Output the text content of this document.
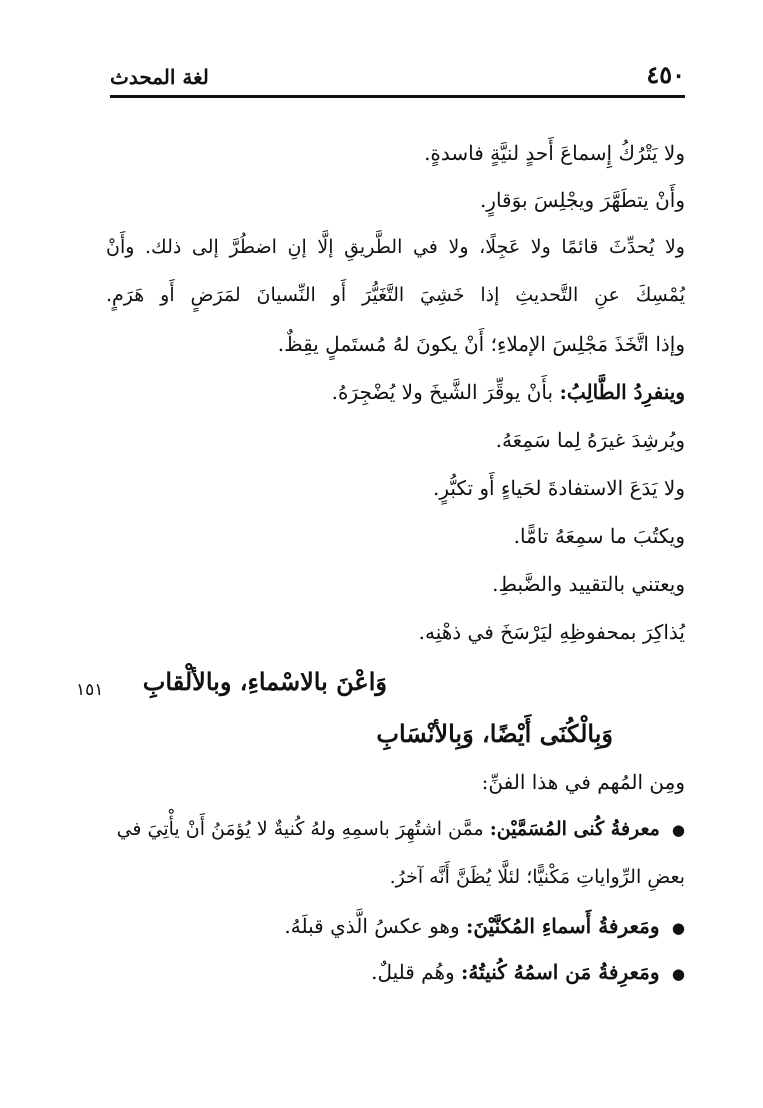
٤٥٠
لغة المحدث
ولا يَتْرُكُ إِسماعَ أَحدٍ لنيَّةٍ فاسدةٍ.
وأَنْ يتطَهَّرَ ويجْلِسَ بوَقارٍ.
ولا يُحدِّثَ قائمًا ولا عَجِلًا، ولا في الطَّريقِ إلَّا إنِ اضطُرَّ إلى ذلك. وأَنْ
يُمْسِكَ عنِ التَّحديثِ إذا خَشِيَ التَّغَيُّرَ أَو النِّسيانَ لمَرَضٍ أَو هَرَمٍ.
وإذا اتَّخَذَ مَجْلِسَ الإملاءِ؛ أَنْ يكونَ لهُ مُستَملٍ يقِظٌ.
وينفرِدُ الطَّالِبُ: بأَنْ يوقِّرَ الشَّيخَ ولا يُضْجِرَهُ.
ويُرشِدَ غيرَهُ لِما سَمِعَهُ.
ولا يَدَعَ الاستفادةَ لحَياءٍ أَو تكبُّرٍ.
ويكتُبَ ما سمِعَهُ تامًّا.
ويعتني بالتقييد والضَّبطِ.
يُذاكِرَ بمحفوظِهِ ليَرْسَخَ في ذهْنِه.
١٥١ وَاعْنَ بالاسْماءِ، وبالألْقابِ
وَبِالْكُنَى أَيْضًا، وَبِالأنْسَابِ
ومِن المُهم في هذا الفنِّ:
● معرفةُ كُنى المُسَمَّيْن: ممَّن اشتُهِرَ باسمِهِ ولهُ كُنيةٌ لا يُؤمَنُ أَنْ يأْتِيَ في
بعضِ الرِّواياتِ مَكْنيًّا؛ لئلَّا يُظَنَّ أَنَّه آخرُ.
● ومَعرفةُ أَسماءِ المُكنَّيْنَ: وهو عكسُ الَّذي قبلَهُ.
● ومَعرِفةُ مَن اسمُهُ كُنيتُهُ: وهُم قليلٌ.
